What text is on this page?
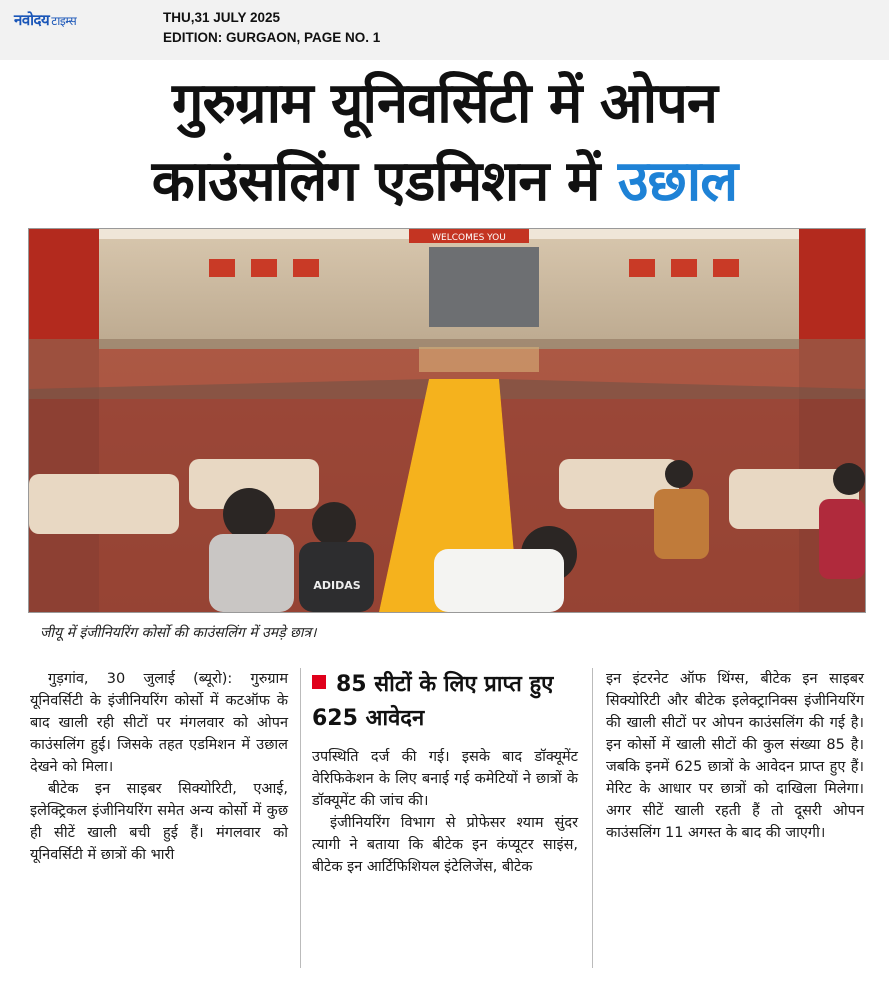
नवोदय टाइम्स	THU,31 JULY 2025
EDITION: GURGAON, PAGE NO. 1
गुरुग्राम यूनिवर्सिटी में ओपन
काउंसलिंग एडमिशन में उछाल
WELCOMES YOU
ADIDAS
जीयू में इंजीनियरिंग कोर्सो की काउंसलिंग में उमड़े छात्र।

गुड़गांव, 30 जुलाई (ब्यूरो): गुरुग्राम यूनिवर्सिटी के इंजीनियरिंग कोर्सो में कटऑफ के बाद खाली रही सीटों पर मंगलवार को ओपन काउंसलिंग हुई। जिसके तहत एडमिशन में उछाल देखने को मिला।

बीटेक इन साइबर सिक्योरिटी, एआई, इलेक्ट्रिकल इंजीनियरिंग समेत अन्य कोर्सो में कुछ ही सीटें खाली बची हुई हैं। मंगलवार को यूनिवर्सिटी में छात्रों की भारी

85 सीटों के लिए प्राप्त हुए 625 आवेदन

उपस्थिति दर्ज की गई। इसके बाद डॉक्यूमेंट वेरिफिकेशन के लिए बनाई गई कमेटियों ने छात्रों के डॉक्यूमेंट की जांच की।

इंजीनियरिंग विभाग से प्रोफेसर श्याम सुंदर त्यागी ने बताया कि बीटेक इन कंप्यूटर साइंस, बीटेक इन आर्टिफिशियल इंटेलिजेंस, बीटेक

इन इंटरनेट ऑफ थिंग्स, बीटेक इन साइबर सिक्योरिटी और बीटेक इलेक्ट्रानिक्स इंजीनियरिंग की खाली सीटों पर ओपन काउंसलिंग की गई है। इन कोर्सो में खाली सीटों की कुल संख्या 85 है। जबकि इनमें 625 छात्रों के आवेदन प्राप्त हुए हैं। मेरिट के आधार पर छात्रों को दाखिला मिलेगा। अगर सीटें खाली रहती हैं तो दूसरी ओपन काउंसलिंग 11 अगस्त के बाद की जाएगी।
